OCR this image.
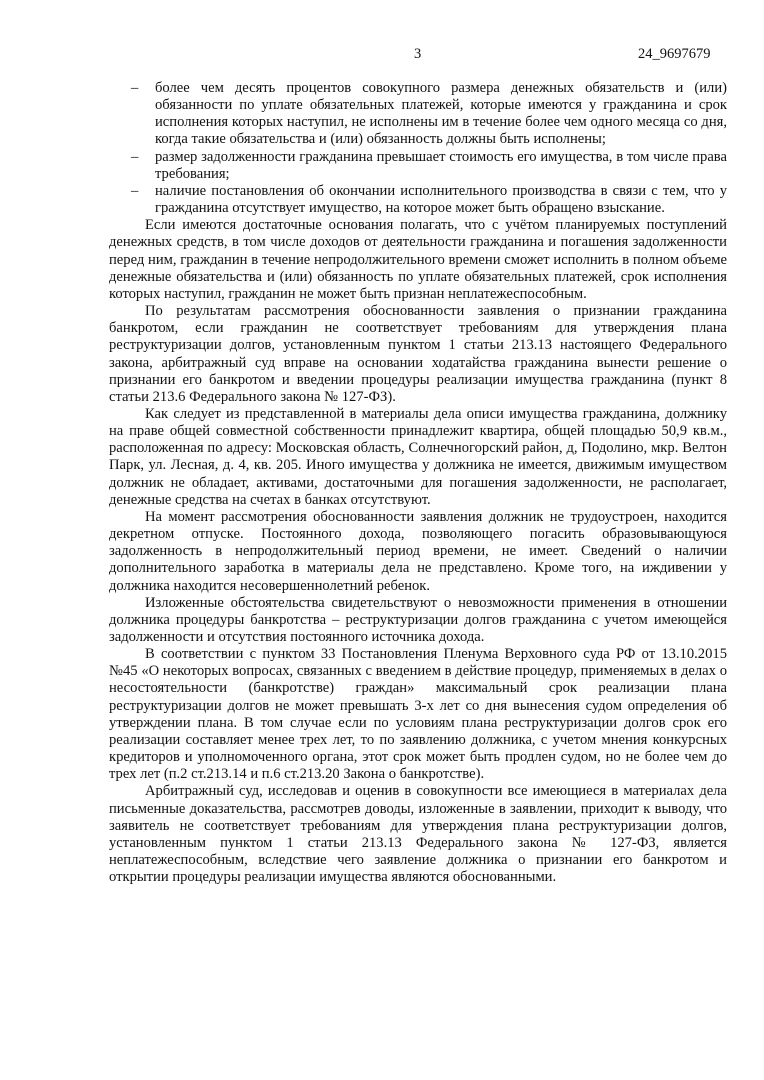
3	24_9697679
– более чем десять процентов совокупного размера денежных обязательств и (или) обязанности по уплате обязательных платежей, которые имеются у гражданина и срок исполнения которых наступил, не исполнены им в течение более чем одного месяца со дня, когда такие обязательства и (или) обязанность должны быть исполнены;
– размер задолженности гражданина превышает стоимость его имущества, в том числе права требования;
– наличие постановления об окончании исполнительного производства в связи с тем, что у гражданина отсутствует имущество, на которое может быть обращено взыскание.

Если имеются достаточные основания полагать, что с учётом планируемых поступлений денежных средств, в том числе доходов от деятельности гражданина и погашения задолженности перед ним, гражданин в течение непродолжительного времени сможет исполнить в полном объеме денежные обязательства и (или) обязанность по уплате обязательных платежей, срок исполнения которых наступил, гражданин не может быть признан неплатежеспособным.

По результатам рассмотрения обоснованности заявления о признании гражданина банкротом, если гражданин не соответствует требованиям для утверждения плана реструктуризации долгов, установленным пунктом 1 статьи 213.13 настоящего Федерального закона, арбитражный суд вправе на основании ходатайства гражданина вынести решение о признании его банкротом и введении процедуры реализации имущества гражданина (пункт 8 статьи 213.6 Федерального закона № 127-ФЗ).

Как следует из представленной в материалы дела описи имущества гражданина, должнику на праве общей совместной собственности принадлежит квартира, общей площадью 50,9 кв.м., расположенная по адресу: Московская область, Солнечногорский район, д, Подолино, мкр. Велтон Парк, ул. Лесная, д. 4, кв. 205. Иного имущества у должника не имеется, движимым имуществом должник не обладает, активами, достаточными для погашения задолженности, не располагает, денежные средства на счетах в банках отсутствуют.

На момент рассмотрения обоснованности заявления должник не трудоустроен, находится декретном отпуске. Постоянного дохода, позволяющего погасить образовывающуюся задолженность в непродолжительный период времени, не имеет. Сведений о наличии дополнительного заработка в материалы дела не представлено. Кроме того, на иждивении у должника находится несовершеннолетний ребенок.

Изложенные обстоятельства свидетельствуют о невозможности применения в отношении должника процедуры банкротства – реструктуризации долгов гражданина с учетом имеющейся задолженности и отсутствия постоянного источника дохода.

В соответствии с пунктом 33 Постановления Пленума Верховного суда РФ от 13.10.2015 №45 «О некоторых вопросах, связанных с введением в действие процедур, применяемых в делах о несостоятельности (банкротстве) граждан» максимальный срок реализации плана реструктуризации долгов не может превышать 3-х лет со дня вынесения судом определения об утверждении плана. В том случае если по условиям плана реструктуризации долгов срок его реализации составляет менее трех лет, то по заявлению должника, с учетом мнения конкурсных кредиторов и уполномоченного органа, этот срок может быть продлен судом, но не более чем до трех лет (п.2 ст.213.14 и п.6 ст.213.20 Закона о банкротстве).

Арбитражный суд, исследовав и оценив в совокупности все имеющиеся в материалах дела письменные доказательства, рассмотрев доводы, изложенные в заявлении, приходит к выводу, что заявитель не соответствует требованиям для утверждения плана реструктуризации долгов, установленным пунктом 1 статьи 213.13 Федерального закона № 127-ФЗ, является неплатежеспособным, вследствие чего заявление должника о признании его банкротом и открытии процедуры реализации имущества являются обоснованными.
